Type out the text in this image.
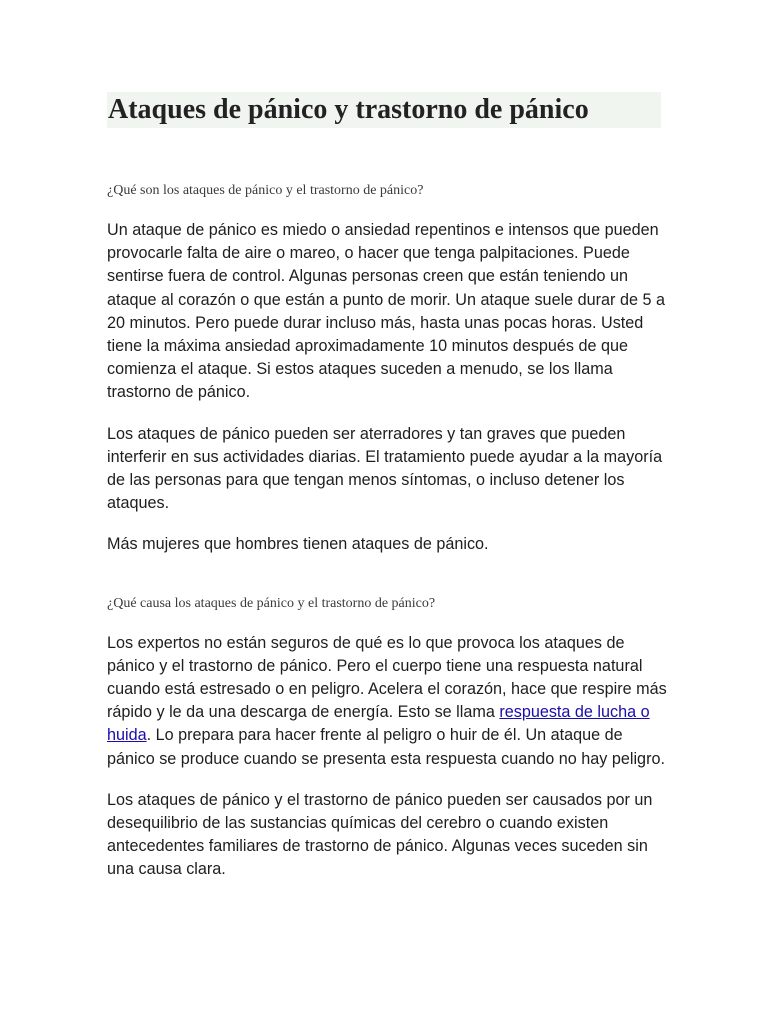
Ataques de pánico y trastorno de pánico

¿Qué son los ataques de pánico y el trastorno de pánico?

Un ataque de pánico es miedo o ansiedad repentinos e intensos que pueden provocarle falta de aire o mareo, o hacer que tenga palpitaciones. Puede sentirse fuera de control. Algunas personas creen que están teniendo un ataque al corazón o que están a punto de morir. Un ataque suele durar de 5 a 20 minutos. Pero puede durar incluso más, hasta unas pocas horas. Usted tiene la máxima ansiedad aproximadamente 10 minutos después de que comienza el ataque. Si estos ataques suceden a menudo, se los llama trastorno de pánico.

Los ataques de pánico pueden ser aterradores y tan graves que pueden interferir en sus actividades diarias. El tratamiento puede ayudar a la mayoría de las personas para que tengan menos síntomas, o incluso detener los ataques.

Más mujeres que hombres tienen ataques de pánico.

¿Qué causa los ataques de pánico y el trastorno de pánico?

Los expertos no están seguros de qué es lo que provoca los ataques de pánico y el trastorno de pánico. Pero el cuerpo tiene una respuesta natural cuando está estresado o en peligro. Acelera el corazón, hace que respire más rápido y le da una descarga de energía. Esto se llama respuesta de lucha o huida. Lo prepara para hacer frente al peligro o huir de él. Un ataque de pánico se produce cuando se presenta esta respuesta cuando no hay peligro.

Los ataques de pánico y el trastorno de pánico pueden ser causados por un desequilibrio de las sustancias químicas del cerebro o cuando existen antecedentes familiares de trastorno de pánico. Algunas veces suceden sin una causa clara.
